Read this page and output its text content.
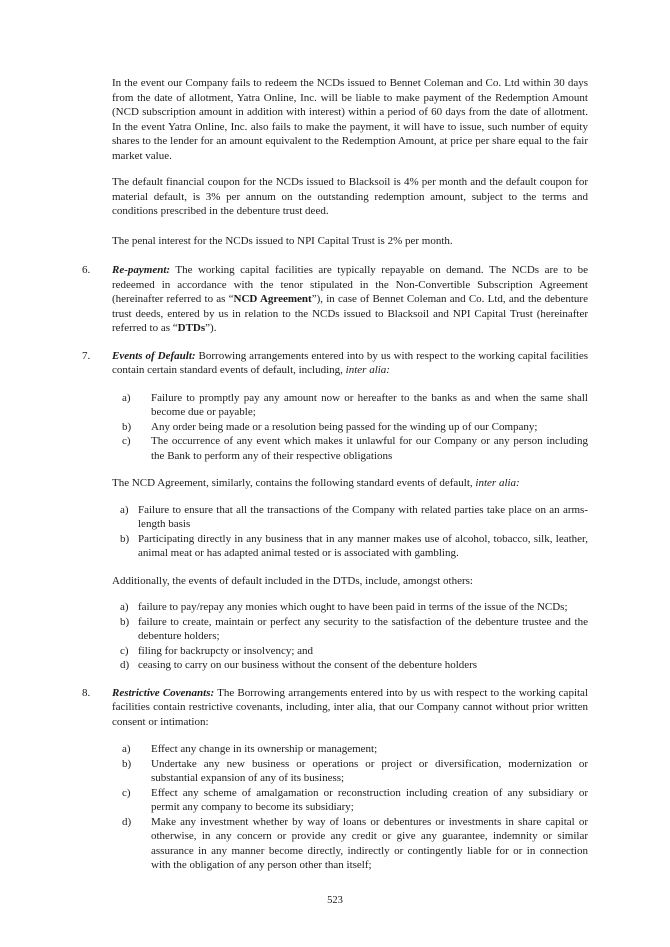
In the event our Company fails to redeem the NCDs issued to Bennet Coleman and Co. Ltd within 30 days from the date of allotment, Yatra Online, Inc. will be liable to make payment of the Redemption Amount (NCD subscription amount in addition with interest) within a period of 60 days from the date of allotment. In the event Yatra Online, Inc. also fails to make the payment, it will have to issue, such number of equity shares to the lender for an amount equivalent to the Redemption Amount, at price per share equal to the fair market value.

The default financial coupon for the NCDs issued to Blacksoil is 4% per month and the default coupon for material default, is 3% per annum on the outstanding redemption amount, subject to the terms and conditions prescribed in the debenture trust deed.

The penal interest for the NCDs issued to NPI Capital Trust is 2% per month.

6.	Re-payment: The working capital facilities are typically repayable on demand. The NCDs are to be redeemed in accordance with the tenor stipulated in the Non-Convertible Subscription Agreement (hereinafter referred to as “NCD Agreement”), in case of Bennet Coleman and Co. Ltd, and the debenture trust deeds, entered by us in relation to the NCDs issued to Blacksoil and NPI Capital Trust (hereinafter referred to as “DTDs”).
7.	Events of Default: Borrowing arrangements entered into by us with respect to the working capital facilities contain certain standard events of default, including, inter alia:
a)	Failure to promptly pay any amount now or hereafter to the banks as and when the same shall become due or payable;
b)	Any order being made or a resolution being passed for the winding up of our Company;
c)	The occurrence of any event which makes it unlawful for our Company or any person including the Bank to perform any of their respective obligations

The NCD Agreement, similarly, contains the following standard events of default, inter alia:

a) Failure to ensure that all the transactions of the Company with related parties take place on an arms-length basis
b) Participating directly in any business that in any manner makes use of alcohol, tobacco, silk, leather, animal meat or has adapted animal tested or is associated with gambling.

Additionally, the events of default included in the DTDs, include, amongst others:

a) failure to pay/repay any monies which ought to have been paid in terms of the issue of the NCDs;
b) failure to create, maintain or perfect any security to the satisfaction of the debenture trustee and the debenture holders;
c) filing for backrupcty or insolvency; and
d) ceasing to carry on our business without the consent of the debenture holders
8.	Restrictive Covenants: The Borrowing arrangements entered into by us with respect to the working capital facilities contain restrictive covenants, including, inter alia, that our Company cannot without prior written consent or intimation:
a)	Effect any change in its ownership or management;
b)	Undertake any new business or operations or project or diversification, modernization or substantial expansion of any of its business;
c)	Effect any scheme of amalgamation or reconstruction including creation of any subsidiary or permit any company to become its subsidiary;
d)	Make any investment whether by way of loans or debentures or investments in share capital or otherwise, in any concern or provide any credit or give any guarantee, indemnity or similar assurance in any manner become directly, indirectly or contingently liable for or in connection with the obligation of any person other than itself;
523
